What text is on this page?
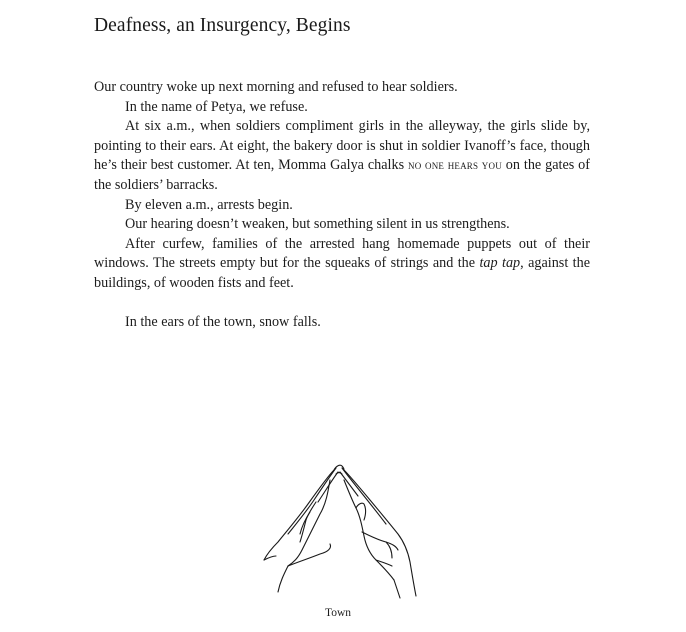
Deafness, an Insurgency, Begins

Our country woke up next morning and refused to hear soldiers.

In the name of Petya, we refuse.

At six a.m., when soldiers compliment girls in the alleyway, the girls slide by, pointing to their ears. At eight, the bakery door is shut in soldier Ivanoff’s face, though he’s their best customer. At ten, Momma Galya chalks no one hears you on the gates of the soldiers’ barracks.

By eleven a.m., arrests begin.

Our hearing doesn’t weaken, but something silent in us strengthens.

After curfew, families of the arrested hang homemade puppets out of their windows. The streets empty but for the squeaks of strings and the tap tap, against the buildings, of wooden fists and feet.

In the ears of the town, snow falls.

Town
